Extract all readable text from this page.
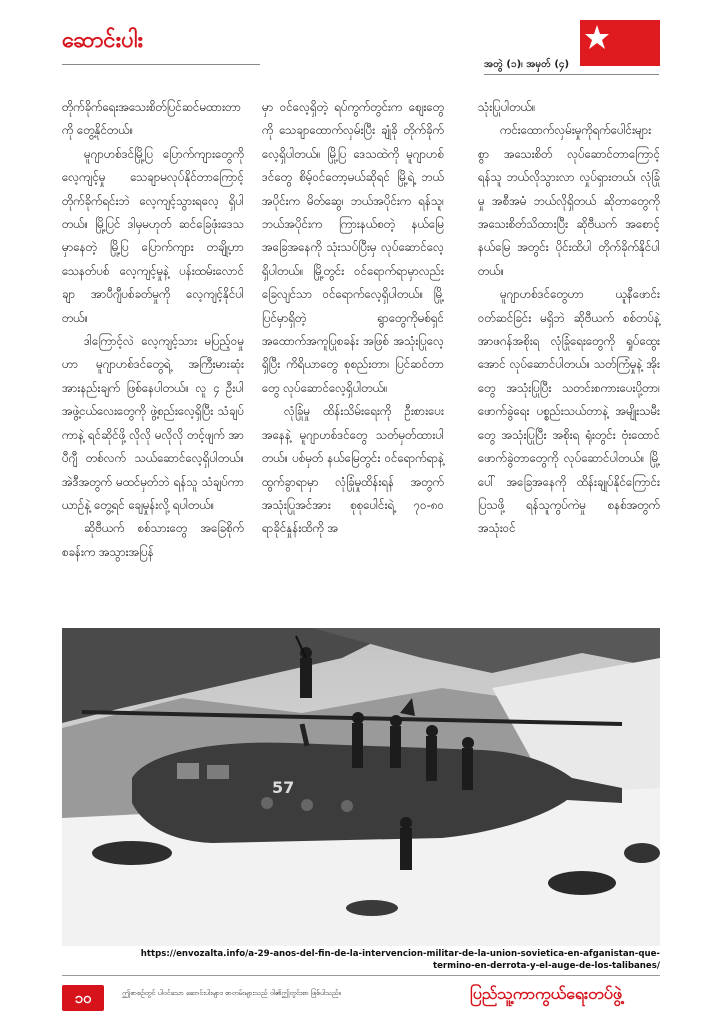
ဆောင်းပါး
အတွဲ (၁)၊ အမှတ် (၄)

တိုက်ခိုက်ရေးအသေးစိတ်ပြင်ဆင်မထားတာကို တွေ့နိုင်တယ်။

မူဂျာဟစ်ဒင်မြို့ပြ ပြောက်ကျားတွေကို လေ့ကျင့်မှု သေချာမလုပ်နိုင်တာကြောင့် တိုက်ခိုက်ရင်းဘဲ လေ့ကျင့်သွားရလေ့ ရှိပါတယ်။ မြို့ပြင် ဒါမှမဟုတ် ဆင်ခြေဖုံးဒေသမှာနေတဲ့ မြို့ပြ ပြောက်ကျား တချို့ဟာ သေနတ်ပစ် လေ့ကျင့်မှုနဲ့ ပန်းထမ်းလောင်ချာ အာပီဂျီပစ်ခတ်မှုကို လေ့ကျင့်နိုင်ပါတယ်။

ဒါကြောင့်လဲ လေ့ကျင့်သား မပြည့်ဝမှုဟာ မူဂျာဟစ်ဒင်တွေရဲ့ အကြီးမားဆုံး အားနည်းချက် ဖြစ်နေပါတယ်။ လူ ၄ ဦးပါ အဖွဲ့ငယ်လေးတွေကို ဖွဲ့စည်းလေ့ရှိပြီး သံချပ်ကာနဲ့ ရင်ဆိုင်ဖို့ လိုလို မလိုလို တင့်ဖျက် အာပီဂျီ တစ်လက် သယ်ဆောင်လေ့ရှိပါတယ်။ အဲဒီအတွက် မထင်မှတ်ဘဲ ရန်သူ သံချပ်ကာယာဉ်နဲ့ တွေ့ရင် ချေမှုန်းလို့ ရပါတယ်။

ဆိုဗီယက် စစ်သားတွေ အခြေစိုက်စခန်းက အသွားအပြန်

မှာ ဝင်လေ့ရှိတဲ့ ရပ်ကွက်တွင်းက စျေးတွေကို သေချာထောက်လှမ်းပြီး ချုံခို တိုက်ခိုက်လေ့ရှိပါတယ်။ မြို့ပြ ဒေသထဲကို မူဂျာဟစ်ဒင်တွေ စိမ့်ဝင်တော့မယ်ဆိုရင် မြို့ရဲ့ ဘယ်အပိုင်းက မိတ်ဆွေ၊ ဘယ်အပိုင်းက ရန်သူ၊ ဘယ်အပိုင်းက ကြားနယ်စတဲ့ နယ်မြေ အခြေအနေကို သုံးသပ်ပြီးမှ လုပ်ဆောင်လေ့ရှိပါတယ်။ မြို့တွင်း ဝင်ရောက်ရာမှာလည်း ခြေလျင်သာ ဝင်ရောက်လေ့ရှိပါတယ်။ မြို့ပြင်မှာရှိတဲ့ ရွာတွေကိုမစ်ရှင် အထောက်အကူပြုစခန်း အဖြစ် အသုံးပြုလေ့ရှိပြီး ကိရိယာတွေ စုစည်းတာ၊ ပြင်ဆင်တာတွေ လုပ်ဆောင်လေ့ရှိပါတယ်။

လုံခြုံမှု ထိန်းသိမ်းရေးကို ဦးစားပေး အနေနဲ့ မူဂျာဟစ်ဒင်တွေ သတ်မှတ်ထားပါတယ်။ ပစ်မှတ် နယ်မြေတွင်း ဝင်ရောက်ရာနဲ့ ထွက်ခွာရာမှာ လုံခြုံမှုထိန်းရန် အတွက် အသုံးပြုအင်အား စုစုပေါင်းရဲ့ ၇၀-၈၀ ရာခိုင်နှုန်းထိကို အ

သုံးပြုပါတယ်။

ကင်းထောက်လှမ်းမှုကိုရက်ပေါင်းများစွာ အသေးစိတ် လုပ်ဆောင်တာကြောင့် ရန်သူ ဘယ်လိုသွားလာ လှုပ်ရှားတယ်၊ လုံခြုံမှု အစီအမံ ဘယ်လိုရှိတယ် ဆိုတာတွေကို အသေးစိတ်သိထားပြီး ဆိုဗီယက် အစောင့်နယ်မြေ အတွင်း ပိုင်းထိပါ တိုက်ခိုက်နိုင်ပါတယ်။

မူဂျာဟစ်ဒင်တွေဟာ ယူနီဖောင်းဝတ်ဆင်ခြင်း မရှိဘဲ ဆိုဗီယက် စစ်တပ်နဲ့ အာဖဂန်အစိုးရ လုံခြုံရေးတွေကို ရှုပ်ထွေးအောင် လုပ်ဆောင်ပါတယ်။ သတ်ကြံမှုနဲ့ အိုးတွေ အသုံးပြုပြီး သတင်းစကားပေးပို့တာ၊ ဖောက်ခွဲရေး ပစ္စည်းသယ်တာနဲ့ အမျိုးသမီးတွေ အသုံးပြုပြီး အစိုးရ ရုံးတွင်း ဗုံးထောင်ဖောက်ခွဲတာတွေကို လုပ်ဆောင်ပါတယ်။ မြို့ပေါ် အခြေအနေကို ထိန်းချုပ်နိုင်ကြောင်းပြသဖို့ ရန်သူကွပ်ကဲမှု စနစ်အတွက် အသုံးဝင်

57
https://envozalta.info/a-29-anos-del-fin-de-la-intervencion-militar-de-la-union-sovietica-en-afganistan-que-termino-en-derrota-y-el-auge-de-los-talibanes/
၁၀	ဤစာစဉ်တွင် ပါဝင်သော ဆောင်းပါးများ၊ စာတမ်းများသည် ဝါ၏ဤတွင်းစာ ဖြစ်ပါသည်။	ပြည်သူ့ကာကွယ်ရေးတပ်ဖွဲ့
